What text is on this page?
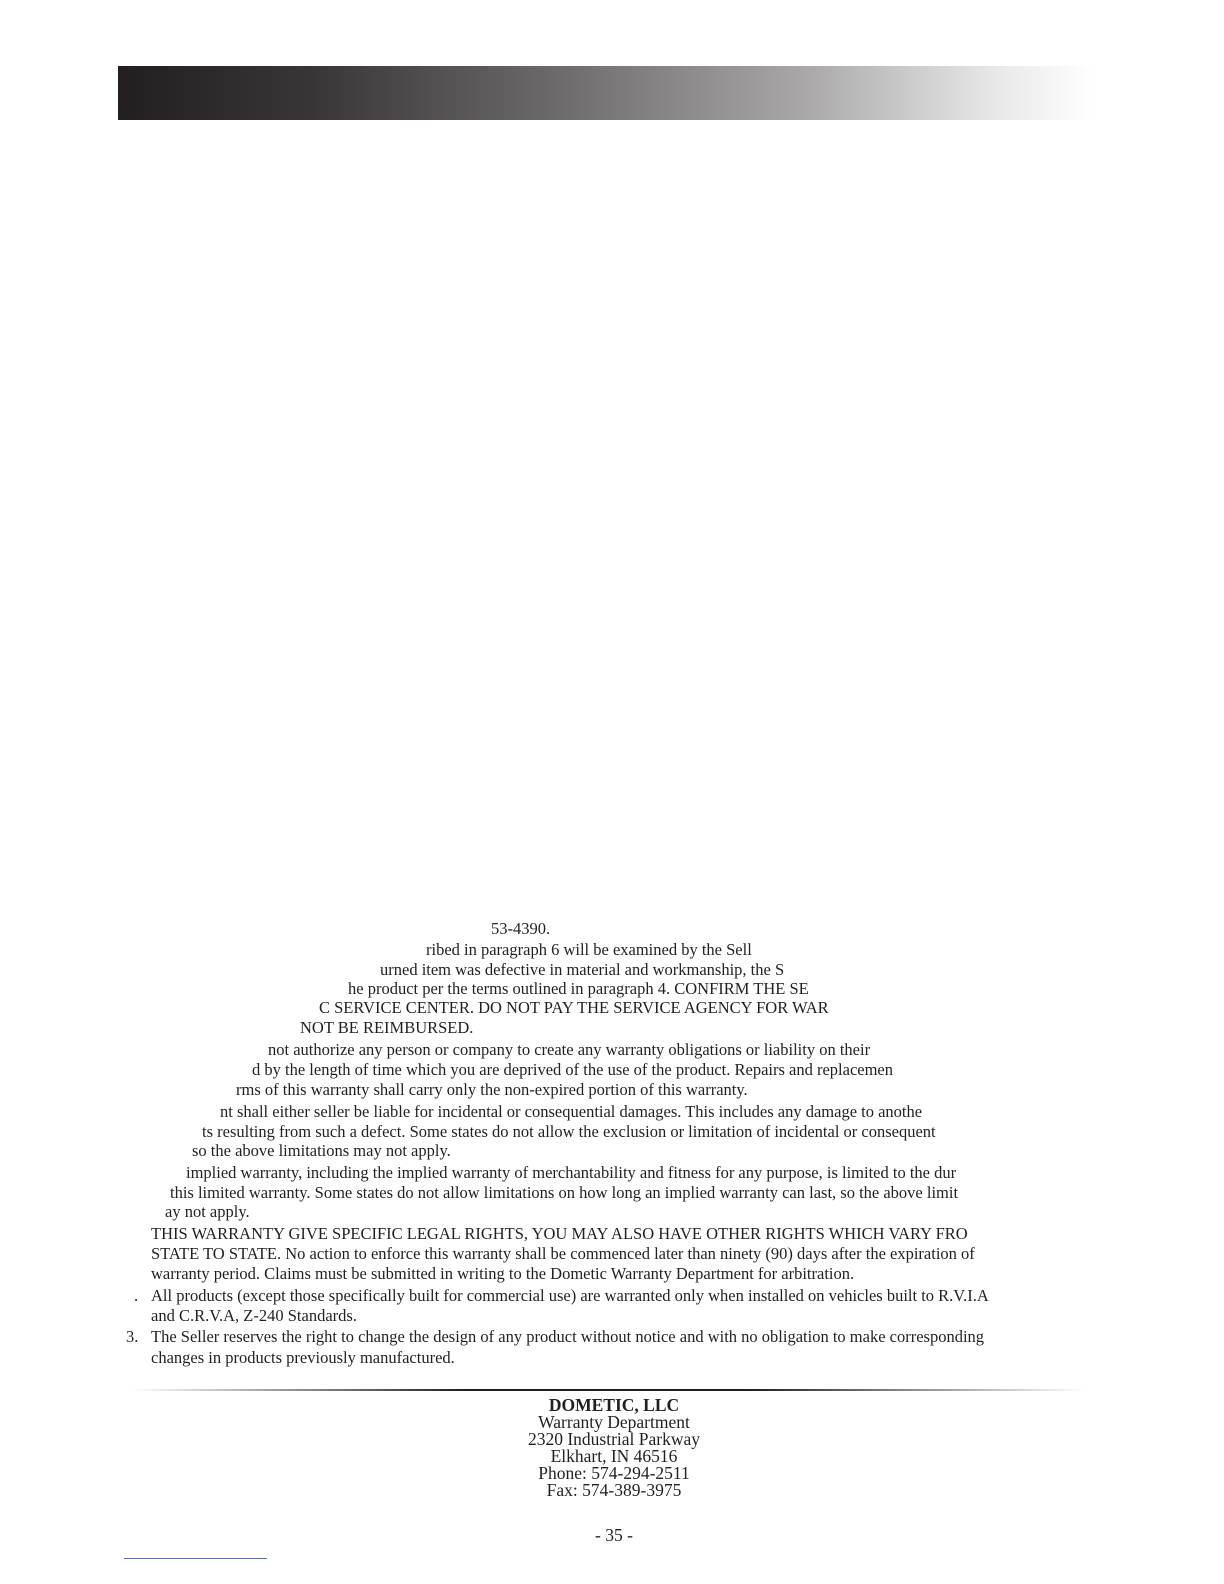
53-4390.
ribed in paragraph 6 will be examined by the Sell
urned item was defective in material and workmanship, the S
he product per the terms outlined in paragraph 4. CONFIRM THE SE
C SERVICE CENTER. DO NOT PAY THE SERVICE AGENCY FOR WAR
NOT BE REIMBURSED.
not authorize any person or company to create any warranty obligations or liability on their
d by the length of time which you are deprived of the use of the product. Repairs and replacemen
rms of this warranty shall carry only the non-expired portion of this warranty.
nt shall either seller be liable for incidental or consequential damages. This includes any damage to anothe
ts resulting from such a defect. Some states do not allow the exclusion or limitation of incidental or consequent
so the above limitations may not apply.
implied warranty, including the implied warranty of merchantability and fitness for any purpose, is limited to the dur
this limited warranty. Some states do not allow limitations on how long an implied warranty can last, so the above limit
ay not apply.
THIS WARRANTY GIVE SPECIFIC LEGAL RIGHTS, YOU MAY ALSO HAVE OTHER RIGHTS WHICH VARY FRO
STATE TO STATE. No action to enforce this warranty shall be commenced later than ninety (90) days after the expiration of
warranty period. Claims must be submitted in writing to the Dometic Warranty Department for arbitration.
. All products (except those specifically built for commercial use) are warranted only when installed on vehicles built to R.V.I.A
and C.R.V.A, Z-240 Standards.
3. The Seller reserves the right to change the design of any product without notice and with no obligation to make corresponding
changes in products previously manufactured.
DOMETIC, LLC
Warranty Department
2320 Industrial Parkway
Elkhart, IN 46516
Phone: 574-294-2511
Fax: 574-389-3975
- 35 -
